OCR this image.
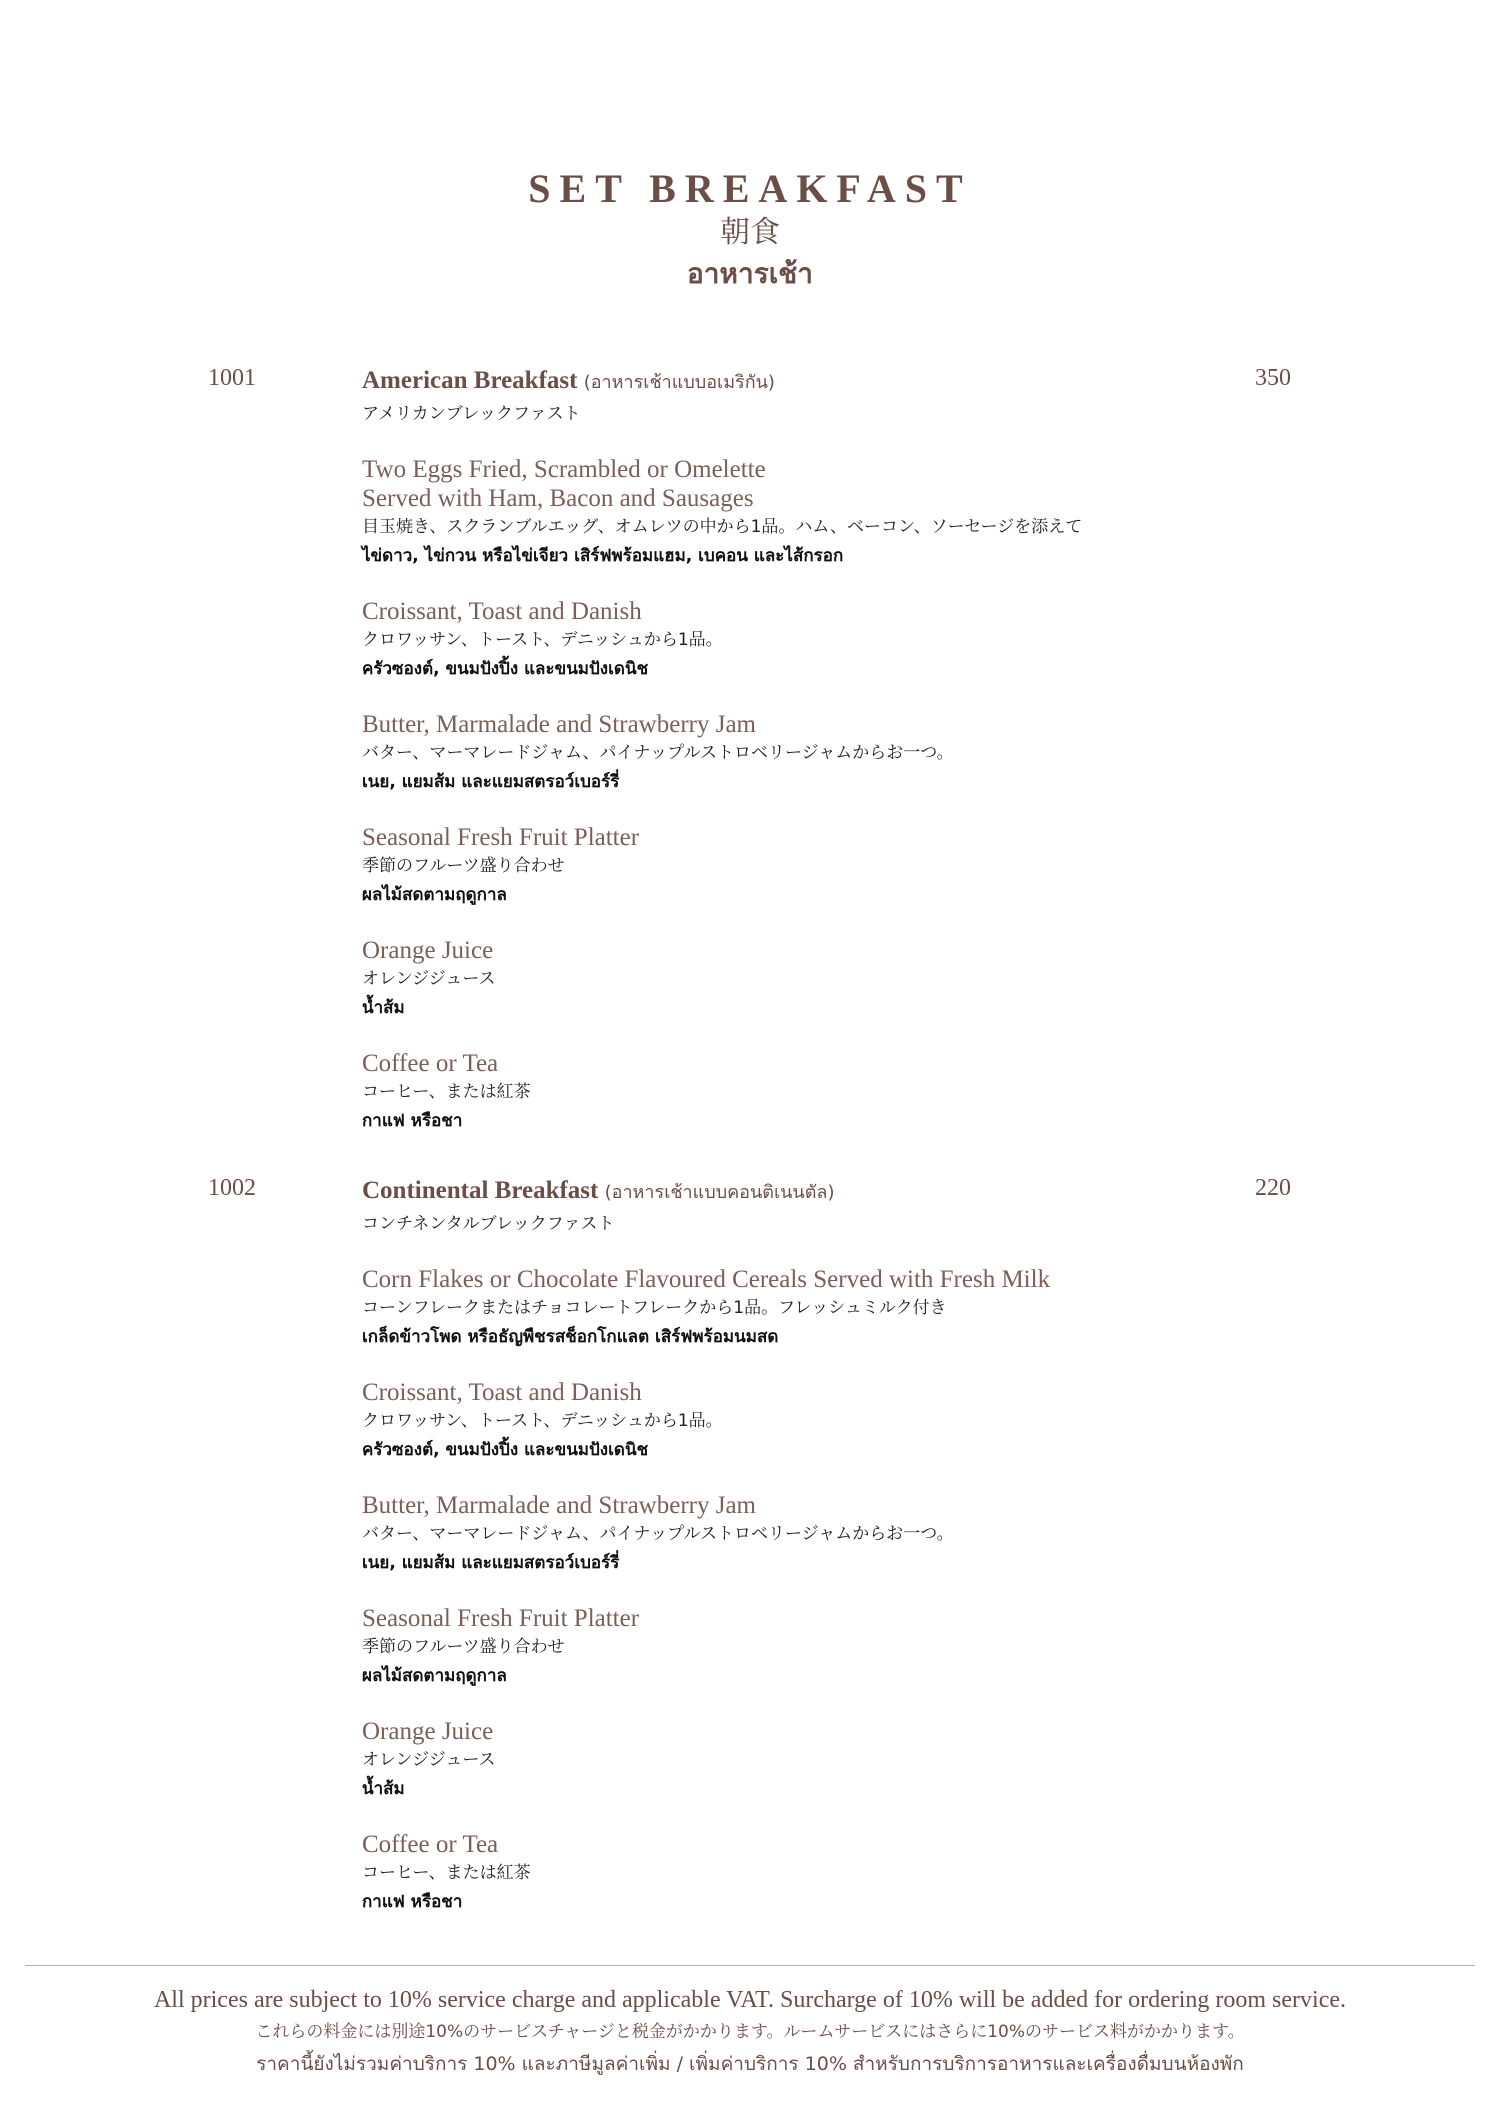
SET BREAKFAST
朝食
อาหารเช้า
1001	350
American Breakfast (อาหารเช้าแบบอเมริกัน)
アメリカンブレックファスト
Two Eggs Fried, Scrambled or Omelette
Served with Ham, Bacon and Sausages
目玉焼き、スクランブルエッグ、オムレツの中から1品。ハム、ベーコン、ソーセージを添えて
ไข่ดาว, ไข่กวน หรือไข่เจียว เสิร์ฟพร้อมแฮม, เบคอน และไส้กรอก
Croissant, Toast and Danish
クロワッサン、トースト、デニッシュから1品。
ครัวซองต์, ขนมปังปิ้ง และขนมปังเดนิช
Butter, Marmalade and Strawberry Jam
バター、マーマレードジャム、パイナップルストロベリージャムからお一つ。
เนย, แยมส้ม และแยมสตรอว์เบอร์รี่
Seasonal Fresh Fruit Platter
季節のフルーツ盛り合わせ
ผลไม้สดตามฤดูกาล
Orange Juice
オレンジジュース
น้ำส้ม
Coffee or Tea
コーヒー、または紅茶
กาแฟ หรือชา
1002	220
Continental Breakfast (อาหารเช้าแบบคอนติเนนตัล)
コンチネンタルブレックファスト
Corn Flakes or Chocolate Flavoured Cereals Served with Fresh Milk
コーンフレークまたはチョコレートフレークから1品。フレッシュミルク付き
เกล็ดข้าวโพด หรือธัญพืชรสช็อกโกแลต เสิร์ฟพร้อมนมสด
Croissant, Toast and Danish
クロワッサン、トースト、デニッシュから1品。
ครัวซองต์, ขนมปังปิ้ง และขนมปังเดนิช
Butter, Marmalade and Strawberry Jam
バター、マーマレードジャム、パイナップルストロベリージャムからお一つ。
เนย, แยมส้ม และแยมสตรอว์เบอร์รี่
Seasonal Fresh Fruit Platter
季節のフルーツ盛り合わせ
ผลไม้สดตามฤดูกาล
Orange Juice
オレンジジュース
น้ำส้ม
Coffee or Tea
コーヒー、または紅茶
กาแฟ หรือชา
All prices are subject to 10% service charge and applicable VAT. Surcharge of 10% will be added for ordering room service.
これらの料金には別途10%のサービスチャージと税金がかかります。ルームサービスにはさらに10%のサービス料がかかります。
ราคานี้ยังไม่รวมค่าบริการ 10% และภาษีมูลค่าเพิ่ม / เพิ่มค่าบริการ 10% สำหรับการบริการอาหารและเครื่องดื่มบนห้องพัก
